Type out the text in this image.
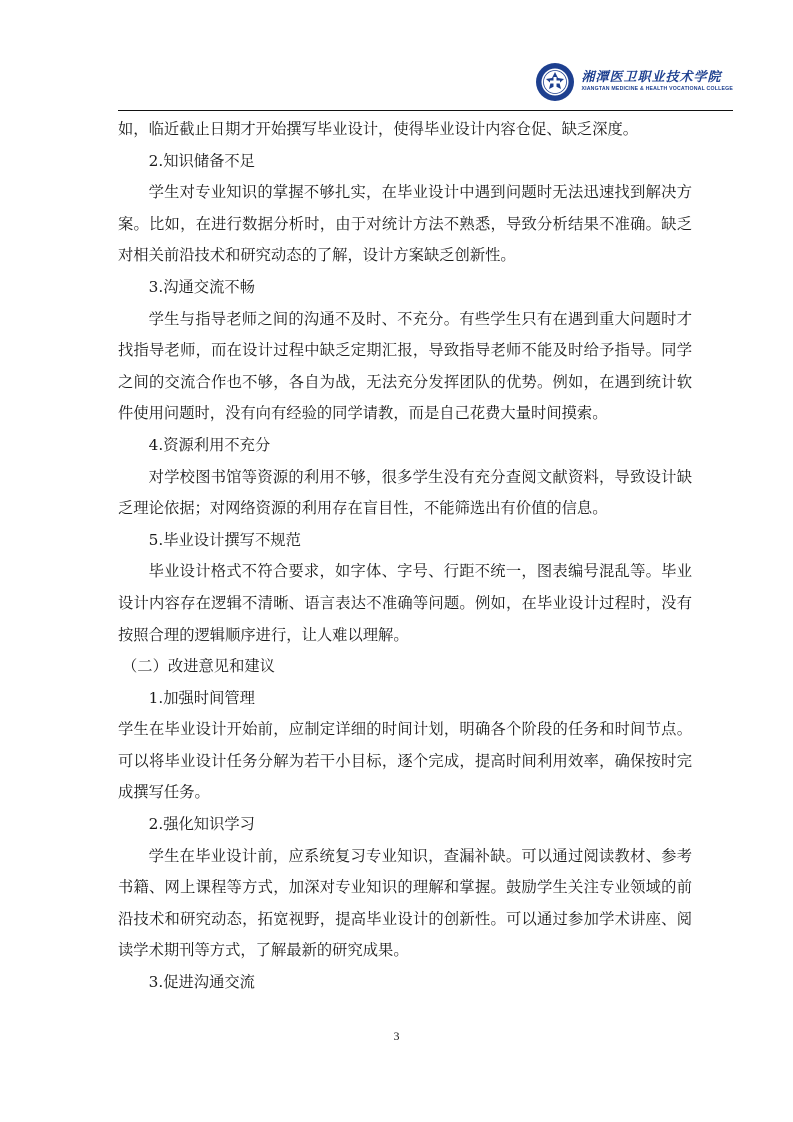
湘潭医卫职业技术学院
XIANGTAN MEDICINE & HEALTH VOCATIONAL COLLEGE

如，临近截止日期才开始撰写毕业设计，使得毕业设计内容仓促、缺乏深度。

2.知识储备不足

学生对专业知识的掌握不够扎实，在毕业设计中遇到问题时无法迅速找到解决方案。比如，在进行数据分析时，由于对统计方法不熟悉，导致分析结果不准确。缺乏对相关前沿技术和研究动态的了解，设计方案缺乏创新性。

3.沟通交流不畅

学生与指导老师之间的沟通不及时、不充分。有些学生只有在遇到重大问题时才找指导老师，而在设计过程中缺乏定期汇报，导致指导老师不能及时给予指导。同学之间的交流合作也不够，各自为战，无法充分发挥团队的优势。例如，在遇到统计软件使用问题时，没有向有经验的同学请教，而是自己花费大量时间摸索。

4.资源利用不充分

对学校图书馆等资源的利用不够，很多学生没有充分查阅文献资料，导致设计缺乏理论依据；对网络资源的利用存在盲目性，不能筛选出有价值的信息。

5.毕业设计撰写不规范

毕业设计格式不符合要求，如字体、字号、行距不统一，图表编号混乱等。毕业设计内容存在逻辑不清晰、语言表达不准确等问题。例如，在毕业设计过程时，没有按照合理的逻辑顺序进行，让人难以理解。

（二）改进意见和建议

1.加强时间管理

学生在毕业设计开始前，应制定详细的时间计划，明确各个阶段的任务和时间节点。可以将毕业设计任务分解为若干小目标，逐个完成，提高时间利用效率，确保按时完成撰写任务。

2.强化知识学习

学生在毕业设计前，应系统复习专业知识，查漏补缺。可以通过阅读教材、参考书籍、网上课程等方式，加深对专业知识的理解和掌握。鼓励学生关注专业领域的前沿技术和研究动态，拓宽视野，提高毕业设计的创新性。可以通过参加学术讲座、阅读学术期刊等方式，了解最新的研究成果。

3.促进沟通交流

3
